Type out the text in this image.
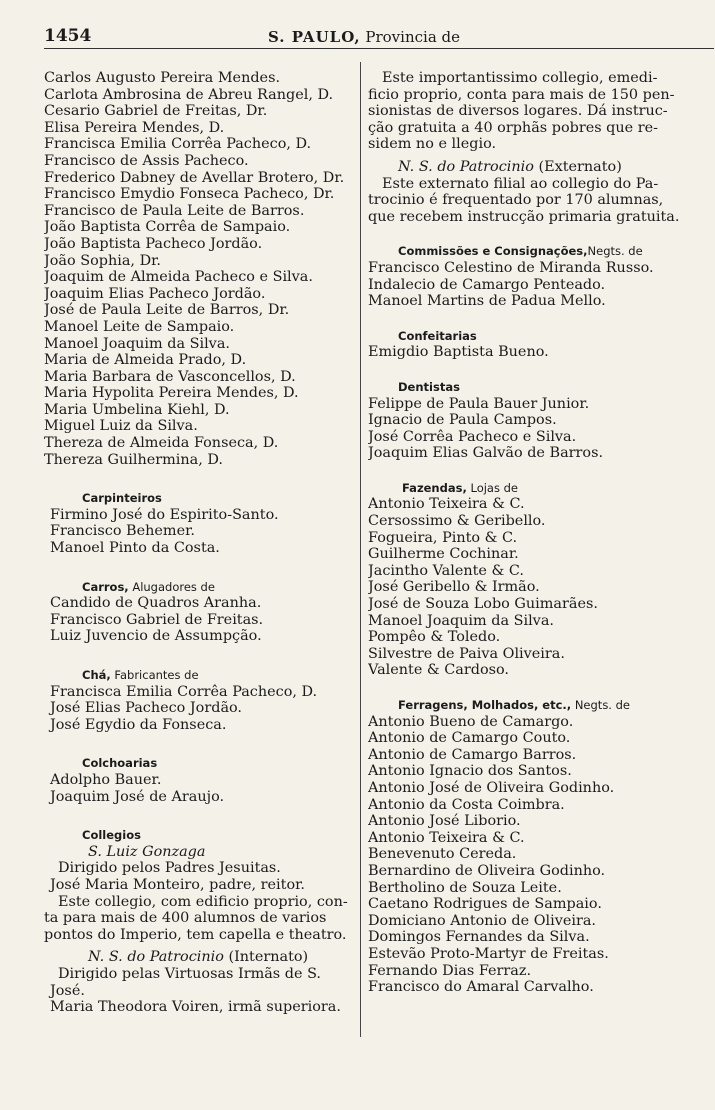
1454	S. PAULO, Provincia de
Carlos Augusto Pereira Mendes.
Carlota Ambrosina de Abreu Rangel, D.
Cesario Gabriel de Freitas, Dr.
Elisa Pereira Mendes, D.
Francisca Emilia Corrêa Pacheco, D.
Francisco de Assis Pacheco.
Frederico Dabney de Avellar Brotero, Dr.
Francisco Emydio Fonseca Pacheco, Dr.
Francisco de Paula Leite de Barros.
João Baptista Corrêa de Sampaio.
João Baptista Pacheco Jordão.
João Sophia, Dr.
Joaquim de Almeida Pacheco e Silva.
Joaquim Elias Pacheco Jordão.
José de Paula Leite de Barros, Dr.
Manoel Leite de Sampaio.
Manoel Joaquim da Silva.
Maria de Almeida Prado, D.
Maria Barbara de Vasconcellos, D.
Maria Hypolita Pereira Mendes, D.
Maria Umbelina Kiehl, D.
Miguel Luiz da Silva.
Thereza de Almeida Fonseca, D.
Thereza Guilhermina, D.
Carpinteiros
Firmino José do Espirito-Santo.
Francisco Behemer.
Manoel Pinto da Costa.
Carros, Alugadores de
Candido de Quadros Aranha.
Francisco Gabriel de Freitas.
Luiz Juvencio de Assumpção.
Chá, Fabricantes de
Francisca Emilia Corrêa Pacheco, D.
José Elias Pacheco Jordão.
José Egydio da Fonseca.
Colchoarias
Adolpho Bauer.
Joaquim José de Araujo.
Collegios
S. Luiz Gonzaga
Dirigido pelos Padres Jesuitas.
José Maria Monteiro, padre, reitor.
Este collegio, com edificio proprio, con-
ta para mais de 400 alumnos de varios
pontos do Imperio, tem capella e theatro.
N. S. do Patrocinio (Internato)
Dirigido pelas Virtuosas Irmãs de S.
José.
Maria Theodora Voiren, irmã superiora.
Este importantissimo collegio, emedi-
ficio proprio, conta para mais de 150 pen-
sionistas de diversos logares. Dá instruc-
ção gratuita a 40 orphãs pobres que re-
sidem no e llegio.
N. S. do Patrocinio (Externato)
Este externato filial ao collegio do Pa-
trocinio é frequentado por 170 alumnas,
que recebem instrucção primaria gratuita.
Commissões e Consignações,Negts. de
Francisco Celestino de Miranda Russo.
Indalecio de Camargo Penteado.
Manoel Martins de Padua Mello.
Confeitarias
Emigdio Baptista Bueno.
Dentistas
Felippe de Paula Bauer Junior.
Ignacio de Paula Campos.
José Corrêa Pacheco e Silva.
Joaquim Elias Galvão de Barros.
Fazendas, Lojas de
Antonio Teixeira & C.
Cersossimo & Geribello.
Fogueira, Pinto & C.
Guilherme Cochinar.
Jacintho Valente & C.
José Geribello & Irmão.
José de Souza Lobo Guimarães.
Manoel Joaquim da Silva.
Pompêo & Toledo.
Silvestre de Paiva Oliveira.
Valente & Cardoso.
Ferragens, Molhados, etc., Negts. de
Antonio Bueno de Camargo.
Antonio de Camargo Couto.
Antonio de Camargo Barros.
Antonio Ignacio dos Santos.
Antonio José de Oliveira Godinho.
Antonio da Costa Coimbra.
Antonio José Liborio.
Antonio Teixeira & C.
Benevenuto Cereda.
Bernardino de Oliveira Godinho.
Bertholino de Souza Leite.
Caetano Rodrigues de Sampaio.
Domiciano Antonio de Oliveira.
Domingos Fernandes da Silva.
Estevão Proto-Martyr de Freitas.
Fernando Dias Ferraz.
Francisco do Amaral Carvalho.
